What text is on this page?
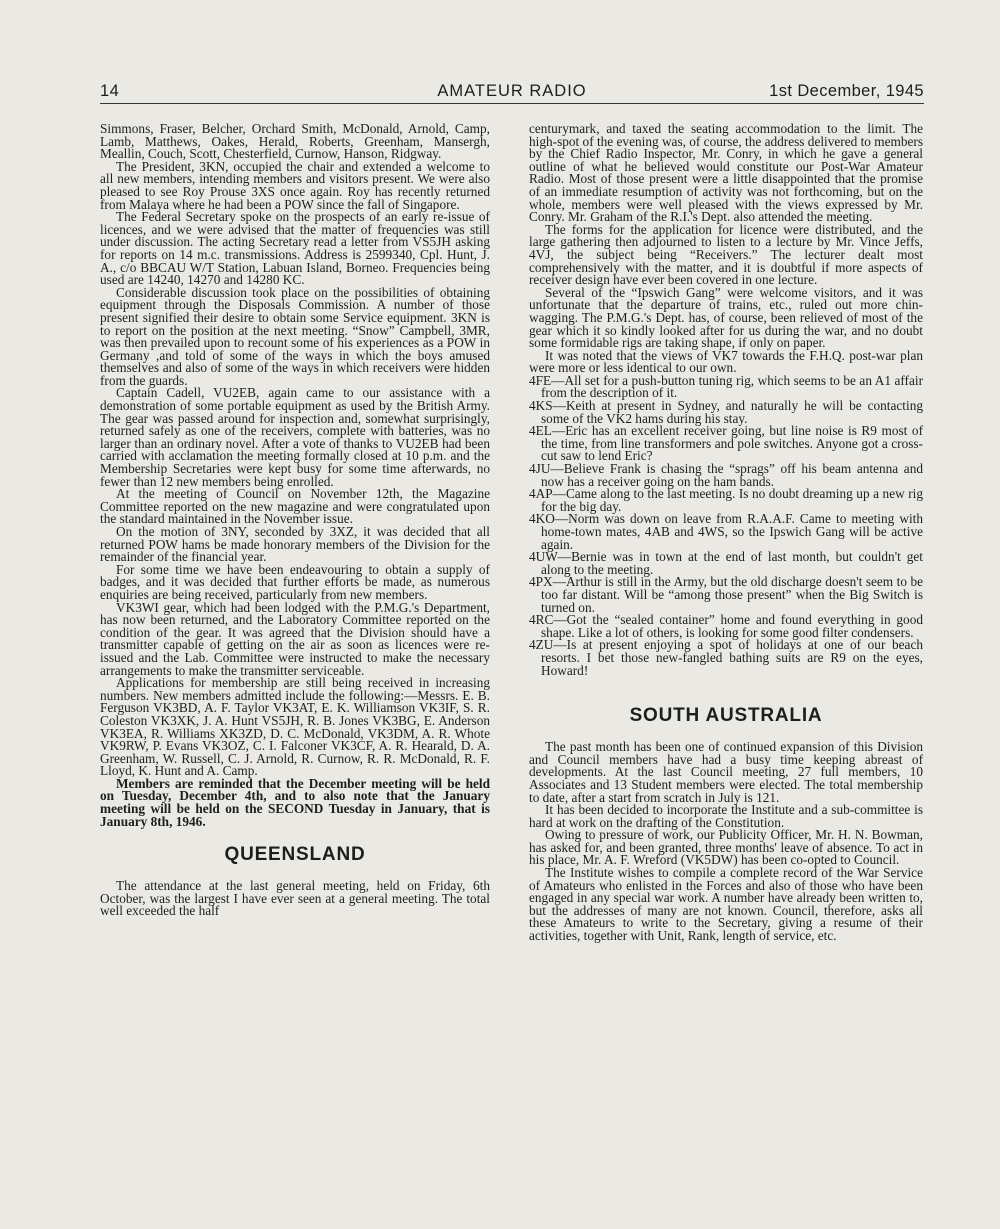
14	AMATEUR RADIO	1st December, 1945

Simmons, Fraser, Belcher, Orchard Smith, McDonald, Arnold, Camp, Lamb, Matthews, Oakes, Herald, Roberts, Greenham, Mansergh, Meallin, Couch, Scott, Chesterfield, Curnow, Hanson, Ridgway.

The President, 3KN, occupied the chair and extended a welcome to all new members, intending members and visitors present. We were also pleased to see Roy Prouse 3XS once again. Roy has recently returned from Malaya where he had been a POW since the fall of Singapore.

The Federal Secretary spoke on the prospects of an early re-issue of licences, and we were advised that the matter of frequencies was still under discussion. The acting Secretary read a letter from VS5JH asking for reports on 14 m.c. transmissions. Address is 2599340, Cpl. Hunt, J. A., c/o BBCAU W/T Station, Labuan Island, Borneo. Frequencies being used are 14240, 14270 and 14280 KC.

Considerable discussion took place on the possibilities of obtaining equipment through the Disposals Commission. A number of those present signified their desire to obtain some Service equipment. 3KN is to report on the position at the next meeting. “Snow” Campbell, 3MR, was then prevailed upon to recount some of his experiences as a POW in Germany ,and told of some of the ways in which the boys amused themselves and also of some of the ways in which receivers were hidden from the guards.

Captain Cadell, VU2EB, again came to our assistance with a demonstration of some portable equipment as used by the British Army. The gear was passed around for inspection and, somewhat surprisingly, returned safely as one of the receivers, complete with batteries, was no larger than an ordinary novel. After a vote of thanks to VU2EB had been carried with acclamation the meeting formally closed at 10 p.m. and the Membership Secretaries were kept busy for some time afterwards, no fewer than 12 new members being enrolled.

At the meeting of Council on November 12th, the Magazine Committee reported on the new magazine and were congratulated upon the standard maintained in the November issue.

On the motion of 3NY, seconded by 3XZ, it was decided that all returned POW hams be made honorary members of the Division for the remainder of the financial year.

For some time we have been endeavouring to obtain a supply of badges, and it was decided that further efforts be made, as numerous enquiries are being received, particularly from new members.

VK3WI gear, which had been lodged with the P.M.G.'s Department, has now been returned, and the Laboratory Committee reported on the condition of the gear. It was agreed that the Division should have a transmitter capable of getting on the air as soon as licences were re-issued and the Lab. Committee were instructed to make the necessary arrangements to make the transmitter serviceable.

Applications for membership are still being received in increasing numbers. New members admitted include the following:—Messrs. E. B. Ferguson VK3BD, A. F. Taylor VK3AT, E. K. Williamson VK3IF, S. R. Coleston VK3XK, J. A. Hunt VS5JH, R. B. Jones VK3BG, E. Anderson VK3EA, R. Williams XK3ZD, D. C. McDonald, VK3DM, A. R. Whote VK9RW, P. Evans VK3OZ, C. I. Falconer VK3CF, A. R. Hearald, D. A. Greenham, W. Russell, C. J. Arnold, R. Curnow, R. R. McDonald, R. F. Lloyd, K. Hunt and A. Camp.

Members are reminded that the December meeting will be held on Tuesday, December 4th, and to also note that the January meeting will be held on the SECOND Tuesday in January, that is January 8th, 1946.

QUEENSLAND

The attendance at the last general meeting, held on Friday, 6th October, was the largest I have ever seen at a general meeting. The total well exceeded the half

centurymark, and taxed the seating accommodation to the limit. The high-spot of the evening was, of course, the address delivered to members by the Chief Radio Inspector, Mr. Conry, in which he gave a general outline of what he believed would constitute our Post-War Amateur Radio. Most of those present were a little disappointed that the promise of an immediate resumption of activity was not forthcoming, but on the whole, members were well pleased with the views expressed by Mr. Conry. Mr. Graham of the R.I.'s Dept. also attended the meeting.

The forms for the application for licence were distributed, and the large gathering then adjourned to listen to a lecture by Mr. Vince Jeffs, 4VJ, the subject being “Receivers.” The lecturer dealt most comprehensively with the matter, and it is doubtful if more aspects of receiver design have ever been covered in one lecture.

Several of the “Ipswich Gang” were welcome visitors, and it was unfortunate that the departure of trains, etc., ruled out more chin-wagging. The P.M.G.'s Dept. has, of course, been relieved of most of the gear which it so kindly looked after for us during the war, and no doubt some formidable rigs are taking shape, if only on paper.

It was noted that the views of VK7 towards the F.H.Q. post-war plan were more or less identical to our own.

4FE—All set for a push-button tuning rig, which seems to be an A1 affair from the description of it.

4KS—Keith at present in Sydney, and naturally he will be contacting some of the VK2 hams during his stay.

4EL—Eric has an excellent receiver going, but line noise is R9 most of the time, from line transformers and pole switches. Anyone got a cross-cut saw to lend Eric?

4JU—Believe Frank is chasing the “sprags” off his beam antenna and now has a receiver going on the ham bands.

4AP—Came along to the last meeting. Is no doubt dreaming up a new rig for the big day.

4KO—Norm was down on leave from R.A.A.F. Came to meeting with home-town mates, 4AB and 4WS, so the Ipswich Gang will be active again.

4UW—Bernie was in town at the end of last month, but couldn't get along to the meeting.

4PX—Arthur is still in the Army, but the old discharge doesn't seem to be too far distant. Will be “among those present” when the Big Switch is turned on.

4RC—Got the “sealed container” home and found everything in good shape. Like a lot of others, is looking for some good filter condensers.

4ZU—Is at present enjoying a spot of holidays at one of our beach resorts. I bet those new-fangled bathing suits are R9 on the eyes, Howard!

SOUTH AUSTRALIA

The past month has been one of continued expansion of this Division and Council members have had a busy time keeping abreast of developments. At the last Council meeting, 27 full members, 10 Associates and 13 Student members were elected. The total membership to date, after a start from scratch in July is 121.

It has been decided to incorporate the Institute and a sub-committee is hard at work on the drafting of the Constitution.

Owing to pressure of work, our Publicity Officer, Mr. H. N. Bowman, has asked for, and been granted, three months' leave of absence. To act in his place, Mr. A. F. Wreford (VK5DW) has been co-opted to Council.

The Institute wishes to compile a complete record of the War Service of Amateurs who enlisted in the Forces and also of those who have been engaged in any special war work. A number have already been written to, but the addresses of many are not known. Council, therefore, asks all these Amateurs to write to the Secretary, giving a resume of their activities, together with Unit, Rank, length of service, etc.
